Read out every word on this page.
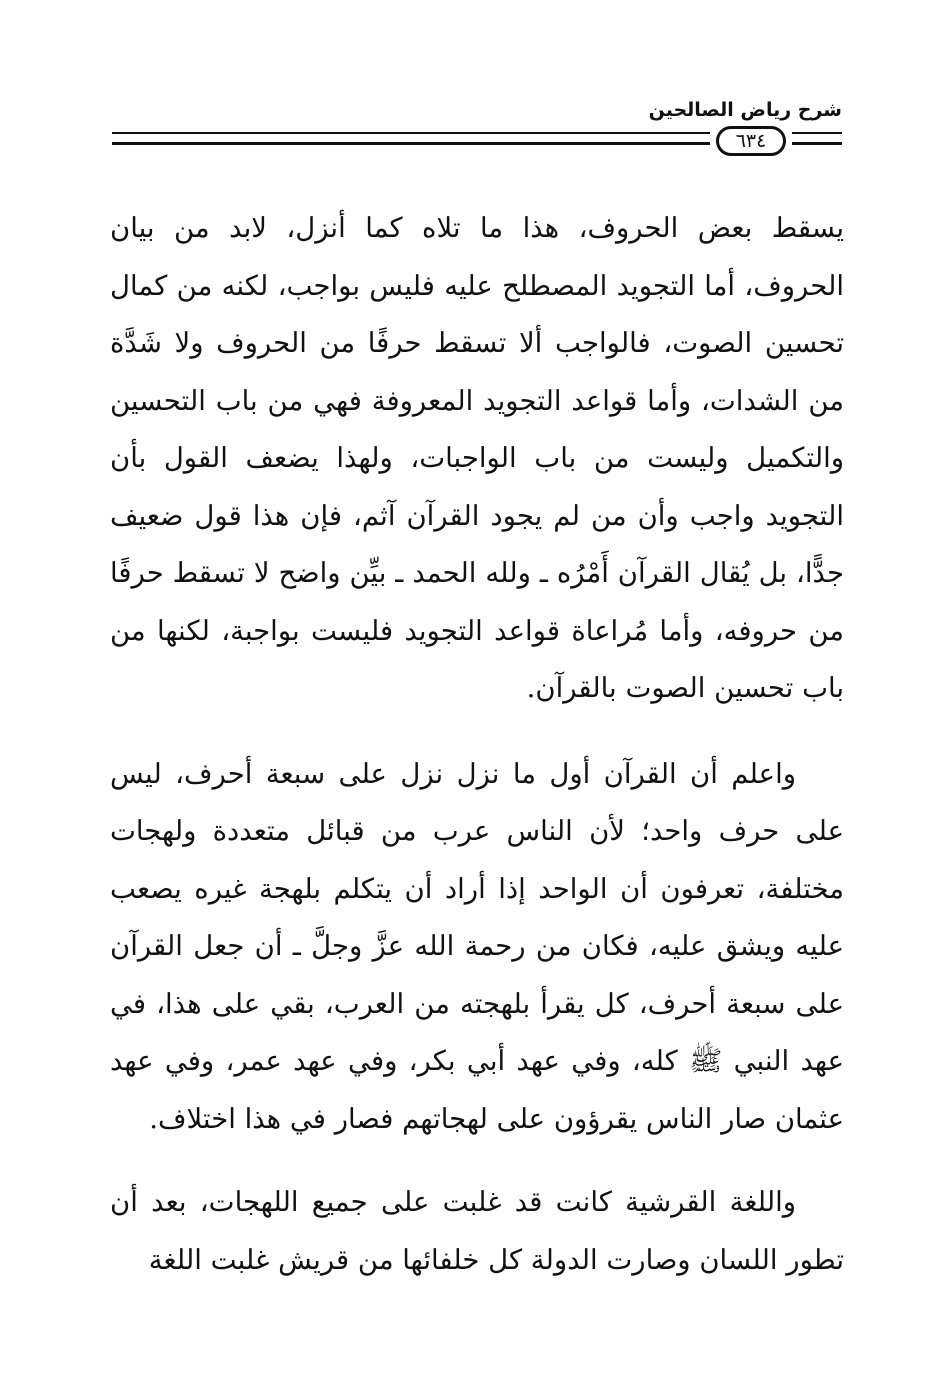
شرح رياض الصالحين
٦٣٤

يسقط بعض الحروف، هذا ما تلاه كما أنزل، لابد من بيان الحروف، أما التجويد المصطلح عليه فليس بواجب، لكنه من كمال تحسين الصوت، فالواجب ألا تسقط حرفًا من الحروف ولا شَدَّة من الشدات، وأما قواعد التجويد المعروفة فهي من باب التحسين والتكميل وليست من باب الواجبات، ولهذا يضعف القول بأن التجويد واجب وأن من لم يجود القرآن آثم، فإن هذا قول ضعيف جدًّا، بل يُقال القرآن أَمْرُه ـ ولله الحمد ـ بيِّن واضح لا تسقط حرفًا من حروفه، وأما مُراعاة قواعد التجويد فليست بواجبة، لكنها من باب تحسين الصوت بالقرآن.

واعلم أن القرآن أول ما نزل نزل على سبعة أحرف، ليس على حرف واحد؛ لأن الناس عرب من قبائل متعددة ولهجات مختلفة، تعرفون أن الواحد إذا أراد أن يتكلم بلهجة غيره يصعب عليه ويشق عليه، فكان من رحمة الله عزَّ وجلَّ ـ أن جعل القرآن على سبعة أحرف، كل يقرأ بلهجته من العرب، بقي على هذا، في عهد النبي ﷺ كله، وفي عهد أبي بكر، وفي عهد عمر، وفي عهد عثمان صار الناس يقرؤون على لهجاتهم فصار في هذا اختلاف.

واللغة القرشية كانت قد غلبت على جميع اللهجات، بعد أن تطور اللسان وصارت الدولة كل خلفائها من قريش غلبت اللغة
